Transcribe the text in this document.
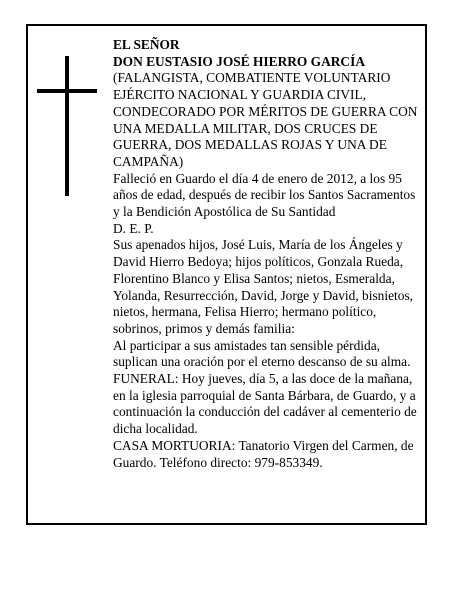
EL SEÑOR

DON EUSTASIO JOSÉ HIERRO GARCÍA

(FALANGISTA, COMBATIENTE VOLUNTARIO EJÉRCITO NACIONAL Y GUARDIA CIVIL, CONDECORADO POR MÉRITOS DE GUERRA CON UNA MEDALLA MILITAR, DOS CRUCES DE GUERRA, DOS MEDALLAS ROJAS Y UNA DE CAMPAÑA)

Falleció en Guardo el día 4 de enero de 2012, a los 95 años de edad, después de recibir los Santos Sacramentos y la Bendición Apostólica de Su Santidad

D. E. P.

Sus apenados hijos, José Luis, María de los Ángeles y David Hierro Bedoya; hijos políticos, Gonzala Rueda, Florentino Blanco y Elisa Santos; nietos, Esmeralda, Yolanda, Resurrección, David, Jorge y David, bisnietos, nietos, hermana, Felisa Hierro; hermano político, sobrinos, primos y demás familia:

Al participar a sus amistades tan sensible pérdida, suplican una oración por el eterno descanso de su alma.

FUNERAL: Hoy jueves, día 5, a las doce de la mañana, en la iglesia parroquial de Santa Bárbara, de Guardo, y a continuación la conducción del cadáver al cementerio de dicha localidad.

CASA MORTUORIA: Tanatorio Virgen del Carmen, de Guardo. Teléfono directo: 979-853349.
